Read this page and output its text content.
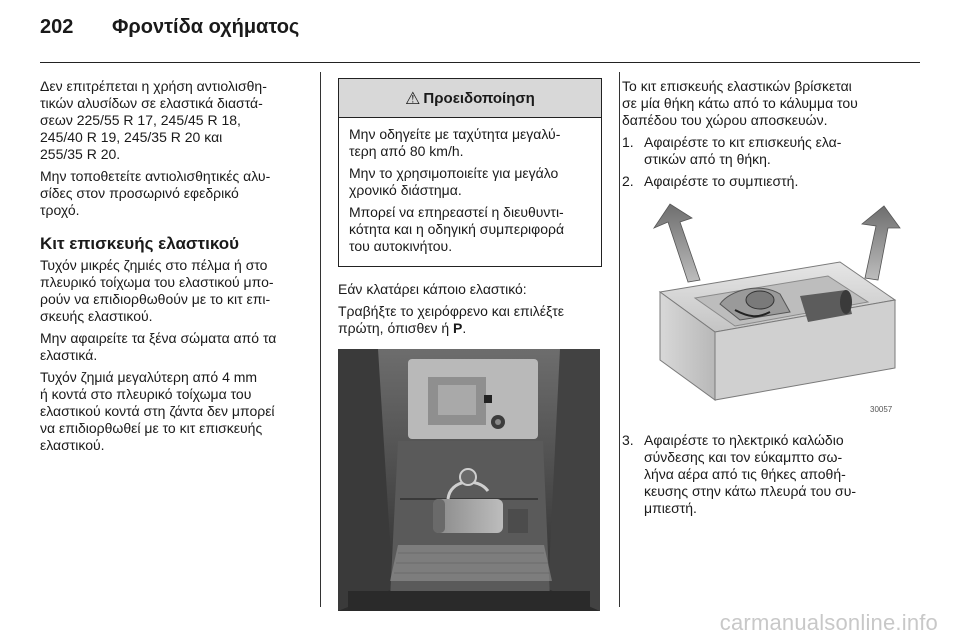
202 Φροντίδα οχήματος

Δεν επιτρέπεται η χρήση αντιολισθη-
τικών αλυσίδων σε ελαστικά διαστά-
σεων 225/55 R 17, 245/45 R 18,
245/40 R 19, 245/35 R 20 και
255/35 R 20.

Μην τοποθετείτε αντιολισθητικές αλυ-
σίδες στον προσωρινό εφεδρικό
τροχό.

Κιτ επισκευής ελαστικού

Τυχόν μικρές ζημιές στο πέλμα ή στο
πλευρικό τοίχωμα του ελαστικού μπο-
ρούν να επιδιορθωθούν με το κιτ επι-
σκευής ελαστικού.

Μην αφαιρείτε τα ξένα σώματα από τα
ελαστικά.

Τυχόν ζημιά μεγαλύτερη από 4 mm
ή κοντά στο πλευρικό τοίχωμα του
ελαστικού κοντά στη ζάντα δεν μπορεί
να επιδιορθωθεί με το κιτ επισκευής
ελαστικού.

⚠ Προειδοποίηση

Μην οδηγείτε με ταχύτητα μεγαλύ-
τερη από 80 km/h.

Μην το χρησιμοποιείτε για μεγάλο
χρονικό διάστημα.

Μπορεί να επηρεαστεί η διευθυντι-
κότητα και η οδηγική συμπεριφορά
του αυτοκινήτου.

Εάν κλατάρει κάποιο ελαστικό:

Τραβήξτε το χειρόφρενο και επιλέξτε
πρώτη, όπισθεν ή P.

Το κιτ επισκευής ελαστικών βρίσκεται
σε μία θήκη κάτω από το κάλυμμα του
δαπέδου του χώρου αποσκευών.

1. Αφαιρέστε το κιτ επισκευής ελα-
στικών από τη θήκη.
2. Αφαιρέστε το συμπιεστή.
30057
3. Αφαιρέστε το ηλεκτρικό καλώδιο
σύνδεσης και τον εύκαμπτο σω-
λήνα αέρα από τις θήκες αποθή-
κευσης στην κάτω πλευρά του συ-
μπιεστή.
carmanualsonline.info
